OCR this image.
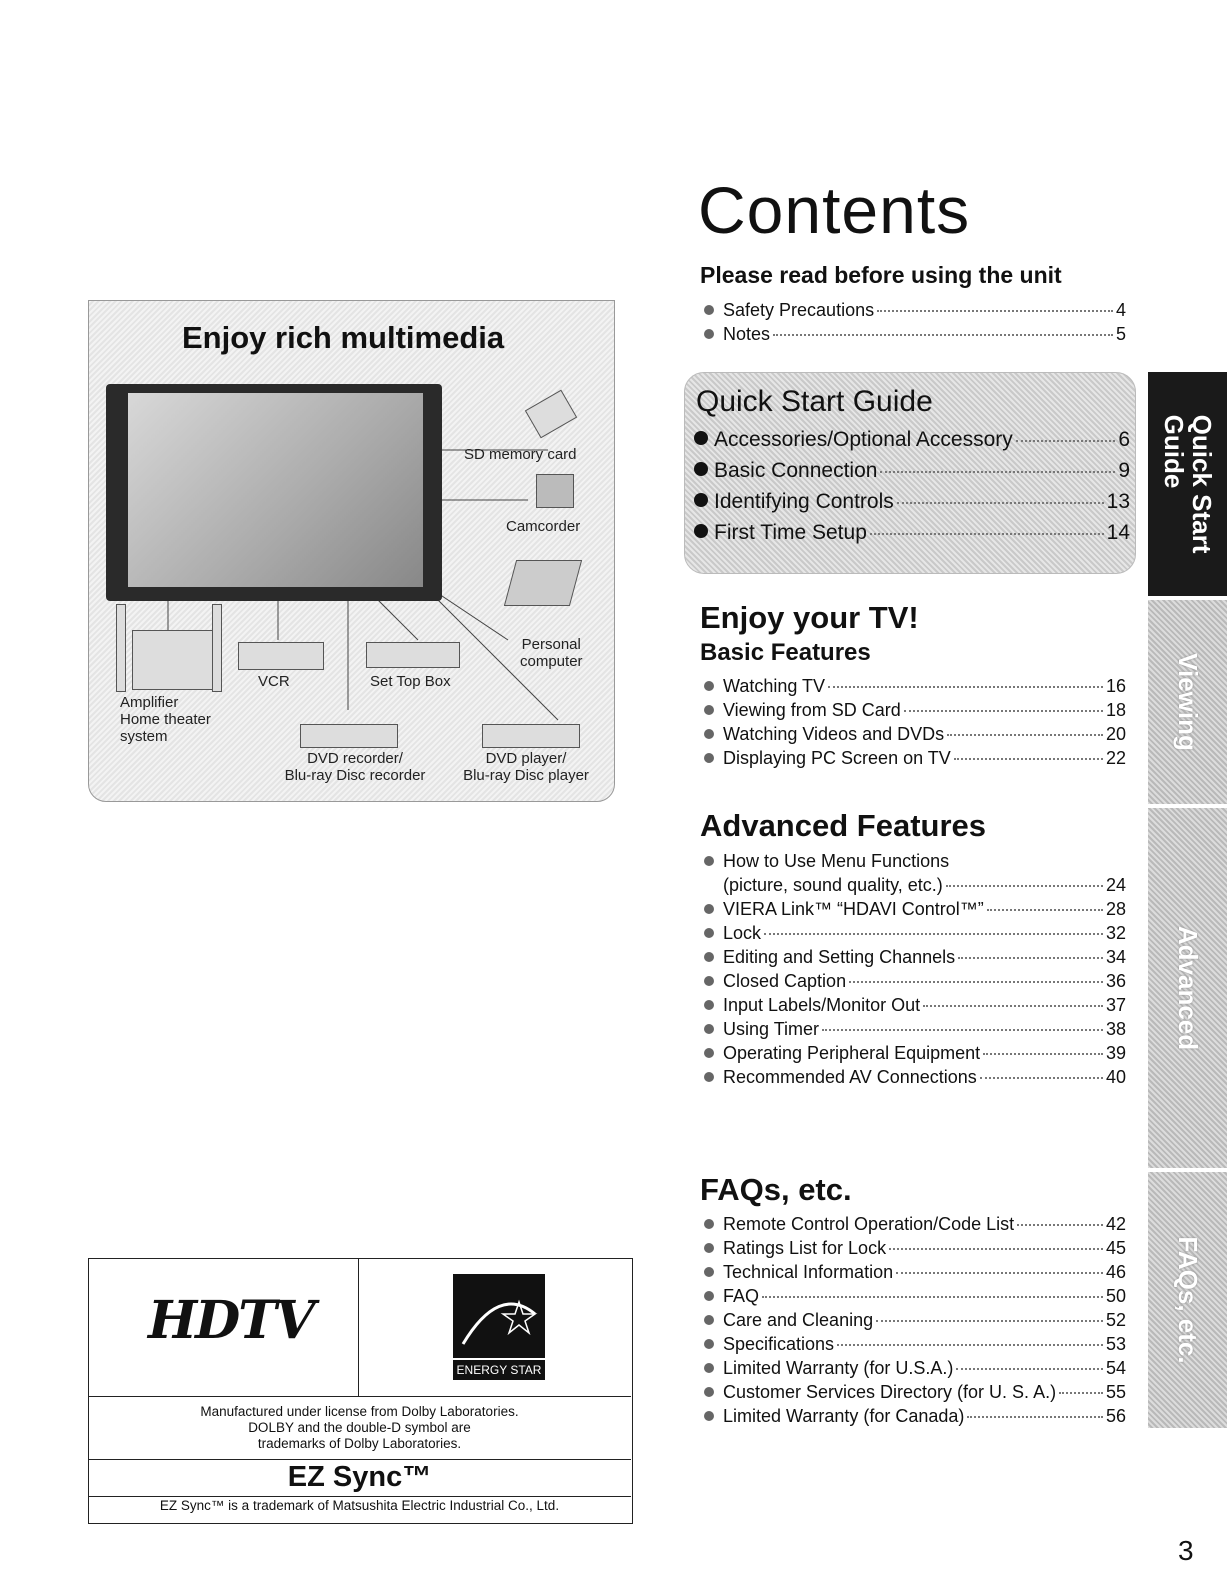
Contents
Please read before using the unit
Safety Precautions	4
Notes	5
Quick Start Guide
Accessories/Optional Accessory	6
Basic Connection	9
Identifying Controls	13
First Time Setup	14
Enjoy your TV!
Basic Features
Watching TV	16
Viewing from SD Card	18
Watching Videos and DVDs	20
Displaying PC Screen on TV	22
Advanced Features
How to Use Menu Functions
(picture, sound quality, etc.)	24
VIERA Link™ “HDAVI Control™”	28
Lock	32
Editing and Setting Channels	34
Closed Caption	36
Input Labels/Monitor Out	37
Using Timer	38
Operating Peripheral Equipment	39
Recommended AV Connections	40
FAQs, etc.
Remote Control Operation/Code List	42
Ratings List for Lock	45
Technical Information	46
FAQ	50
Care and Cleaning	52
Specifications	53
Limited Warranty (for U.S.A.)	54
Customer Services Directory (for U. S. A.)	55
Limited Warranty (for Canada)	56
Quick Start
Guide
Viewing
Advanced
FAQs, etc.
3
Enjoy rich multimedia
SD memory card
Camcorder
Personal
computer
VCR	Set Top Box
Amplifier
Home theater
system
DVD recorder/
Blu-ray Disc recorder
DVD player/
Blu-ray Disc player
HDTV
ENERGY STAR
Manufactured under license from Dolby Laboratories.
DOLBY and the double-D symbol are
trademarks of Dolby Laboratories.
EZ Sync™
EZ Sync™ is a trademark of Matsushita Electric Industrial Co., Ltd.
